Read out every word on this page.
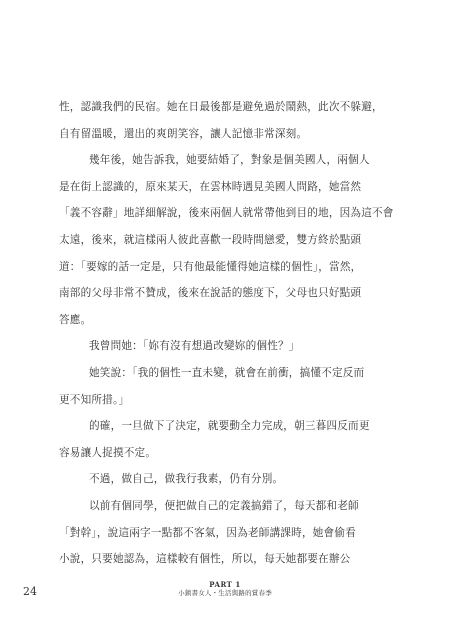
性，認識我們的民宿。她在日最後都是避免過於鬧熱，此次不躲避，
自有留溫暖，還出的爽朗笑容，讓人記憶非常深刻。
幾年後，她告訴我，她要結婚了，對象是個美國人，兩個人
是在街上認識的，原來某天，在雲林時遇見美國人問路，她當然
「義不容辭」地詳細解說，後來兩個人就常帶他到目的地，因為這不會
太遠，後來，就這樣兩人彼此喜歡一段時間戀愛，雙方終於點頭
道：「要嫁的話一定是，只有他最能懂得她這樣的個性」，當然，
南部的父母非常不贊成，後來在說話的態度下，父母也只好點頭
答應。
我曾問她：「妳有沒有想過改變妳的個性？」
她笑說：「我的個性一直未變，就會在前衝，搞懂不定反而
更不知所措。」
的確，一旦做下了決定，就要動全力完成，朝三暮四反而更
容易讓人捉摸不定。
不過，做自己，做我行我素，仍有分別。
以前有個同學，便把做自己的定義搞錯了，每天都和老師
「對幹」，說這兩字一點都不客氣，因為老師講課時，她會偷看
小說，只要她認為，這樣較有個性，所以，每天她都要在辦公
24
PART 1
小鎮書女人・生活與路的賞春季
